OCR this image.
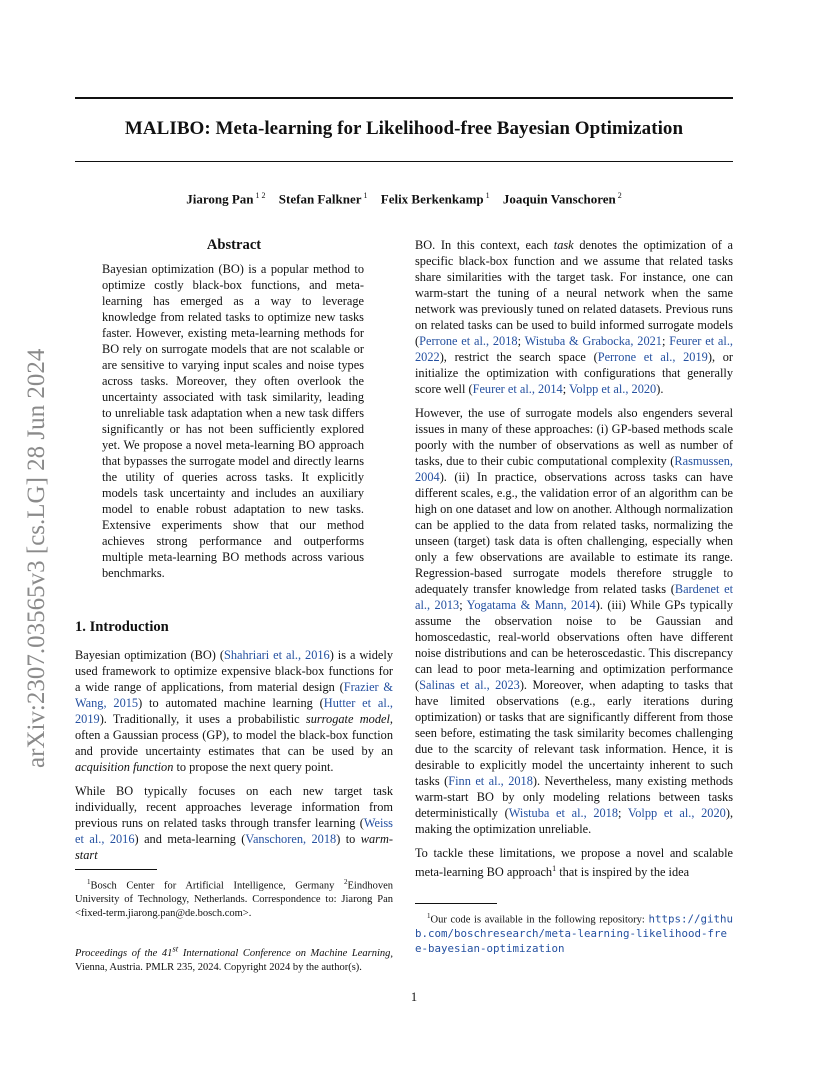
arXiv:2307.03565v3 [cs.LG] 28 Jun 2024
MALIBO: Meta-learning for Likelihood-free Bayesian Optimization
Jiarong Pan $^{1 2}$ Stefan Falkner $^1$ Felix Berkenkamp $^1$ Joaquin Vanschoren $^2$
Abstract
Bayesian optimization (BO) is a popular method to optimize costly black-box functions, and meta-learning has emerged as a way to leverage knowledge from related tasks to optimize new tasks faster. However, existing meta-learning methods for BO rely on surrogate models that are not scalable or are sensitive to varying input scales and noise types across tasks. Moreover, they often overlook the uncertainty associated with task similarity, leading to unreliable task adaptation when a new task differs significantly or has not been sufficiently explored yet. We propose a novel meta-learning BO approach that bypasses the surrogate model and directly learns the utility of queries across tasks. It explicitly models task uncertainty and includes an auxiliary model to enable robust adaptation to new tasks. Extensive experiments show that our method achieves strong performance and outperforms multiple meta-learning BO methods across various benchmarks.
1. Introduction

Bayesian optimization (BO) (Shahriari et al., 2016) is a widely used framework to optimize expensive black-box functions for a wide range of applications, from material design (Frazier & Wang, 2015) to automated machine learning (Hutter et al., 2019). Traditionally, it uses a probabilistic surrogate model, often a Gaussian process (GP), to model the black-box function and provide uncertainty estimates that can be used by an acquisition function to propose the next query point.

While BO typically focuses on each new target task individually, recent approaches leverage information from previous runs on related tasks through transfer learning (Weiss et al., 2016) and meta-learning (Vanschoren, 2018) to warm-start

$^1$Bosch Center for Artificial Intelligence, Germany $^2$Eindhoven University of Technology, Netherlands. Correspondence to: Jiarong Pan <fixed-term.jiarong.pan@de.bosch.com>.
Proceedings of the 41st International Conference on Machine Learning, Vienna, Austria. PMLR 235, 2024. Copyright 2024 by the author(s).

BO. In this context, each task denotes the optimization of a specific black-box function and we assume that related tasks share similarities with the target task. For instance, one can warm-start the tuning of a neural network when the same network was previously tuned on related datasets. Previous runs on related tasks can be used to build informed surrogate models (Perrone et al., 2018; Wistuba & Grabocka, 2021; Feurer et al., 2022), restrict the search space (Perrone et al., 2019), or initialize the optimization with configurations that generally score well (Feurer et al., 2014; Volpp et al., 2020).

However, the use of surrogate models also engenders several issues in many of these approaches: (i) GP-based methods scale poorly with the number of observations as well as number of tasks, due to their cubic computational complexity (Rasmussen, 2004). (ii) In practice, observations across tasks can have different scales, e.g., the validation error of an algorithm can be high on one dataset and low on another. Although normalization can be applied to the data from related tasks, normalizing the unseen (target) task data is often challenging, especially when only a few observations are available to estimate its range. Regression-based surrogate models therefore struggle to adequately transfer knowledge from related tasks (Bardenet et al., 2013; Yogatama & Mann, 2014). (iii) While GPs typically assume the observation noise to be Gaussian and homoscedastic, real-world observations often have different noise distributions and can be heteroscedastic. This discrepancy can lead to poor meta-learning and optimization performance (Salinas et al., 2023). Moreover, when adapting to tasks that have limited observations (e.g., early iterations during optimization) or tasks that are significantly different from those seen before, estimating the task similarity becomes challenging due to the scarcity of relevant task information. Hence, it is desirable to explicitly model the uncertainty inherent to such tasks (Finn et al., 2018). Nevertheless, many existing methods warm-start BO by only modeling relations between tasks deterministically (Wistuba et al., 2018; Volpp et al., 2020), making the optimization unreliable.

To tackle these limitations, we propose a novel and scalable meta-learning BO approach$^1$ that is inspired by the idea

$^1$Our code is available in the following repository: https://github.com/boschresearch/meta-learning-likelihood-free-bayesian-optimization
1
